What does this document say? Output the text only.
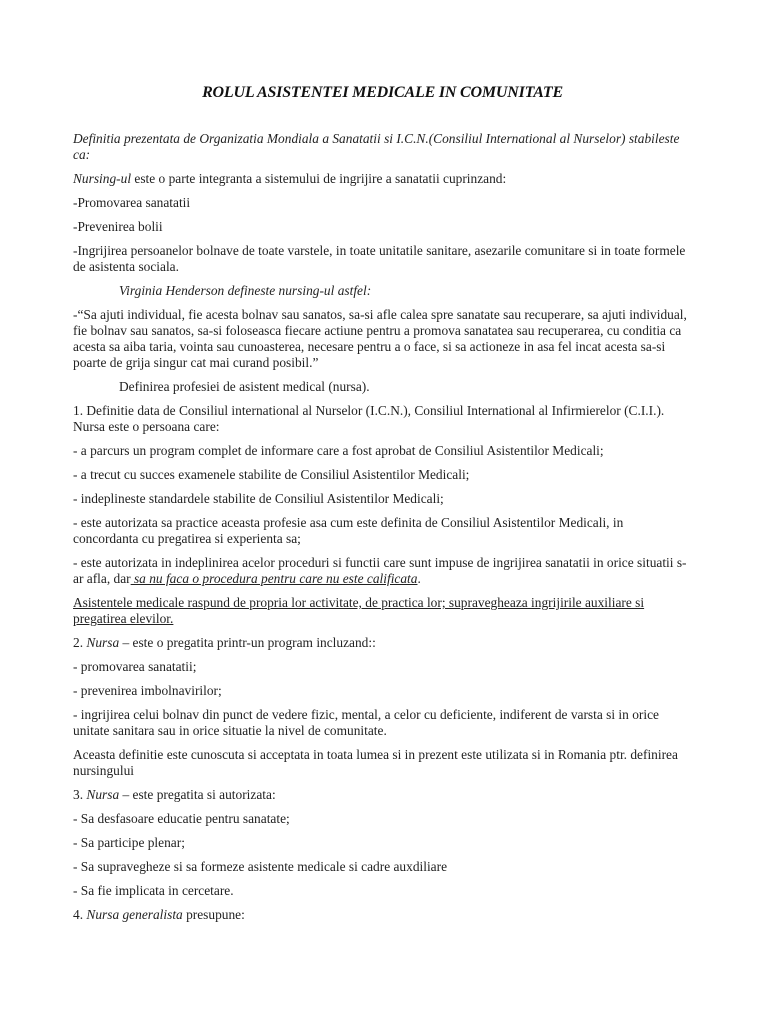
ROLUL ASISTENTEI MEDICALE IN COMUNITATE

Definitia prezentata de Organizatia Mondiala a Sanatatii si I.C.N.(Consiliul International al Nurselor) stabileste ca:

Nursing-ul este o parte integranta a sistemului de ingrijire a sanatatii cuprinzand:

-Promovarea sanatatii

-Prevenirea bolii

-Ingrijirea persoanelor bolnave de toate varstele, in toate unitatile sanitare, asezarile comunitare si in toate formele de asistenta sociala.

Virginia Henderson defineste nursing-ul astfel:

-“Sa ajuti individual, fie acesta bolnav sau sanatos, sa-si afle calea spre sanatate sau recuperare, sa ajuti individual, fie bolnav sau sanatos, sa-si foloseasca fiecare actiune pentru a promova sanatatea sau recuperarea, cu conditia ca acesta sa aiba taria, vointa sau cunoasterea, necesare pentru a o face, si sa actioneze in asa fel incat acesta sa-si poarte de grija singur cat mai curand posibil.”

Definirea profesiei de asistent medical (nursa).

1. Definitie data de Consiliul international al Nurselor (I.C.N.), Consiliul International al Infirmierelor (C.I.I.). Nursa este o persoana care:

- a parcurs un program complet de informare care a fost aprobat de Consiliul Asistentilor Medicali;

- a trecut cu succes examenele stabilite de Consiliul Asistentilor Medicali;

- indeplineste standardele stabilite de Consiliul Asistentilor Medicali;

- este autorizata sa practice aceasta profesie asa cum este definita de Consiliul Asistentilor Medicali, in concordanta cu pregatirea si experienta sa;

- este autorizata in indeplinirea acelor proceduri si functii care sunt impuse de ingrijirea sanatatii in orice situatii s-ar afla, dar sa nu faca o procedura pentru care nu este calificata.

Asistentele medicale raspund de propria lor activitate, de practica lor; supravegheaza ingrijirile auxiliare si pregatirea elevilor.

2. Nursa – este o pregatita printr-un program incluzand::

- promovarea sanatatii;

- prevenirea imbolnavirilor;

- ingrijirea celui bolnav din punct de vedere fizic, mental, a celor cu deficiente, indiferent de varsta si in orice unitate sanitara sau in orice situatie la nivel de comunitate.

Aceasta definitie este cunoscuta si acceptata in toata lumea si in prezent este utilizata si in Romania ptr. definirea nursingului

3. Nursa – este pregatita si autorizata:

- Sa desfasoare educatie pentru sanatate;

- Sa participe plenar;

- Sa supravegheze si sa formeze asistente medicale si cadre auxdiliare

- Sa fie implicata in cercetare.

4. Nursa generalista presupune:
